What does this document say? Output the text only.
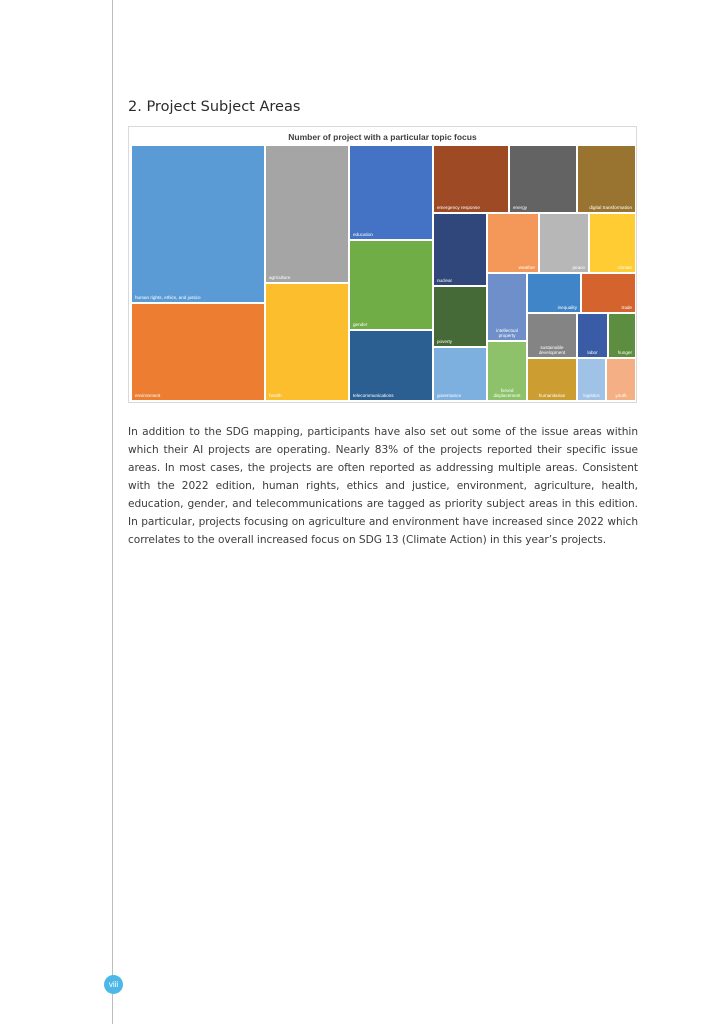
2. Project Subject Areas
Number of project with a particular topic focus
human rights, ethics, and justice
environment
agriculture
health
education
gender
telecommunications
emergency response	energy	digital transformation
nuclear
weather	peace	climate
poverty
intellectual property
inequality	trade
governance
sustainable development	labor	hunger
forced displacement	humanitarian	logistics	youth
In addition to the SDG mapping, participants have also set out some of the issue areas within which their AI projects are operating. Nearly 83% of the projects reported their specific issue areas. In most cases, the projects are often reported as addressing multiple areas. Consistent with the 2022 edition, human rights, ethics and justice, environment, agriculture, health, education, gender, and telecommunications are tagged as priority subject areas in this edition. In particular, projects focusing on agriculture and environment have increased since 2022 which correlates to the overall increased focus on SDG 13 (Climate Action) in this year’s projects.
viii
